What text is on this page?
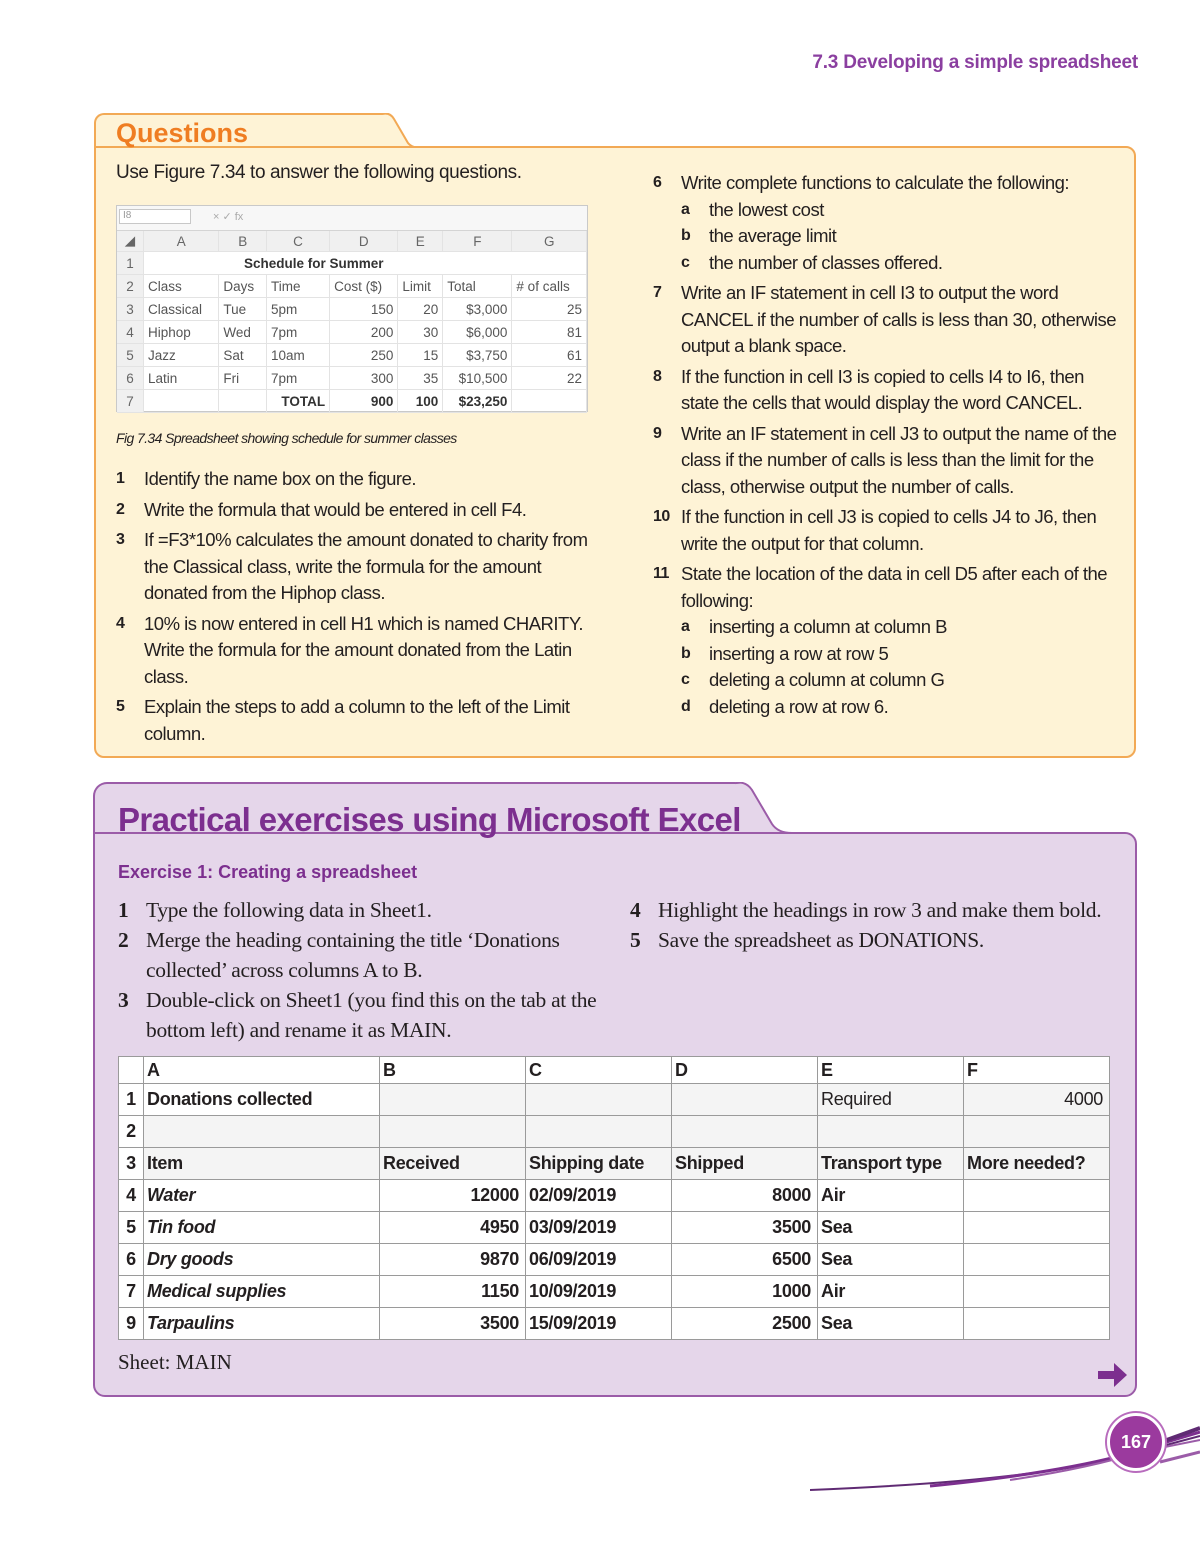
7.3 Developing a simple spreadsheet
Questions
Use Figure 7.34 to answer the following questions.
I8	× ✓ fx
◢	A	B	C	D	E	F	G
1	Schedule for Summer						
2	Class	Days	Time	Cost ($)	Limit	Total	# of calls
3	Classical	Tue	5pm	150	20	$3,000	25
4	Hiphop	Wed	7pm	200	30	$6,000	81
5	Jazz	Sat	10am	250	15	$3,750	61
6	Latin	Fri	7pm	300	35	$10,500	22
7			TOTAL	900	100	$23,250	
Fig 7.34 Spreadsheet showing schedule for summer classes
1 Identify the name box on the figure.
2 Write the formula that would be entered in cell F4.
3 If =F3*10% calculates the amount donated to charity from the Classical class, write the formula for the amount donated from the Hiphop class.
4 10% is now entered in cell H1 which is named CHARITY. Write the formula for the amount donated from the Latin class.
5 Explain the steps to add a column to the left of the Limit column.
6 Write complete functions to calculate the following:
a the lowest cost
b the average limit
c the number of classes offered.
7 Write an IF statement in cell I3 to output the word CANCEL if the number of calls is less than 30, otherwise output a blank space.
8 If the function in cell I3 is copied to cells I4 to I6, then state the cells that would display the word CANCEL.
9 Write an IF statement in cell J3 to output the name of the class if the number of calls is less than the limit for the class, otherwise output the number of calls.
10 If the function in cell J3 is copied to cells J4 to J6, then write the output for that column.
11 State the location of the data in cell D5 after each of the following:
a inserting a column at column B
b inserting a row at row 5
c deleting a column at column G
d deleting a row at row 6.
Practical exercises using Microsoft Excel
Exercise 1: Creating a spreadsheet
1 Type the following data in Sheet1.
2 Merge the heading containing the title ‘Donations collected’ across columns A to B.
3 Double-click on Sheet1 (you find this on the tab at the bottom left) and rename it as MAIN.
4 Highlight the headings in row 3 and make them bold.
5 Save the spreadsheet as DONATIONS.
	A	B	C	D	E	F
1	Donations collected				Required	4000
2						
3	Item	Received	Shipping date	Shipped	Transport type	More needed?
4	Water	12000	02/09/2019	8000	Air	
5	Tin food	4950	03/09/2019	3500	Sea	
6	Dry goods	9870	06/09/2019	6500	Sea	
7	Medical supplies	1150	10/09/2019	1000	Air	
9	Tarpaulins	3500	15/09/2019	2500	Sea	
Sheet: MAIN
167
